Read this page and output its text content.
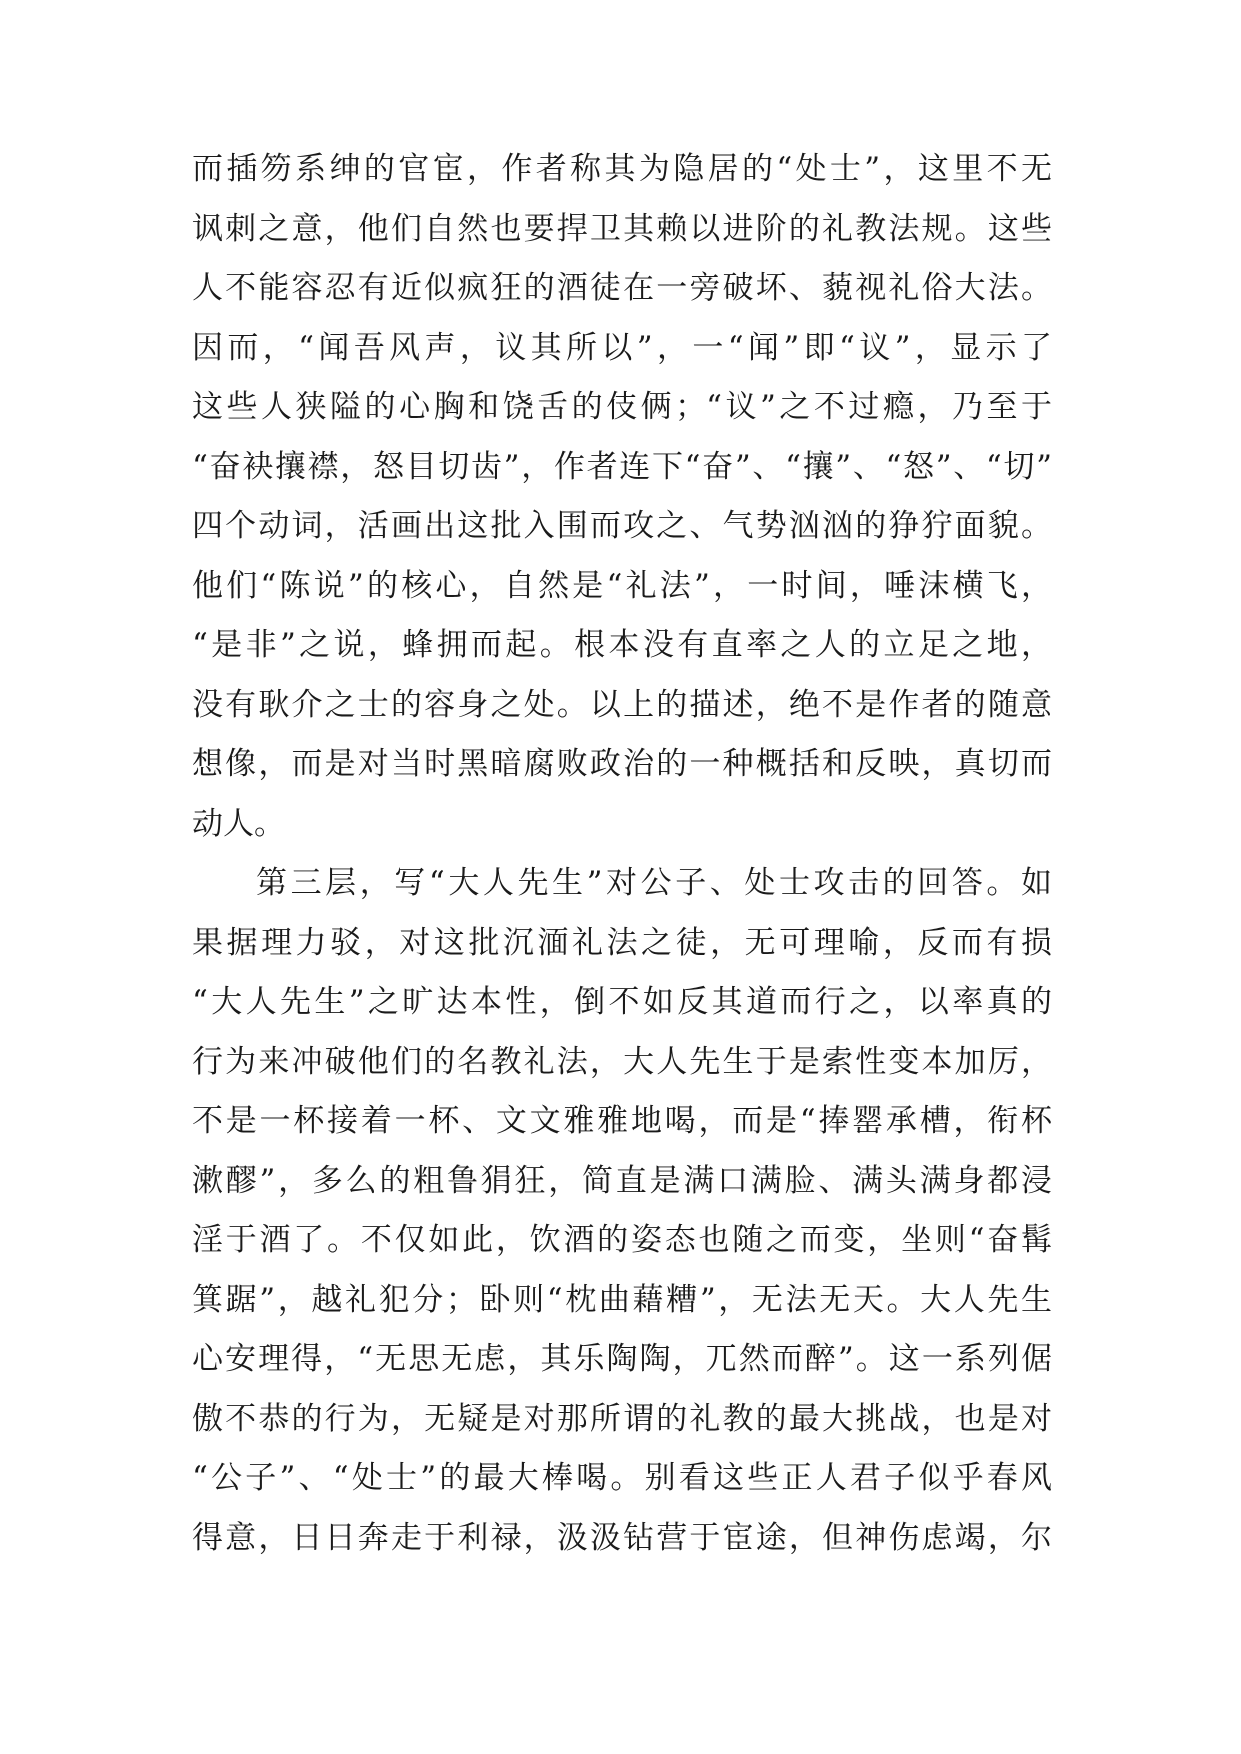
而插笏系绅的官宦，作者称其为隐居的“处士”，这里不无
讽刺之意，他们自然也要捍卫其赖以进阶的礼教法规。这些
人不能容忍有近似疯狂的酒徒在一旁破坏、藐视礼俗大法。
因而，“闻吾风声，议其所以”，一“闻”即“议”，显示了
这些人狭隘的心胸和饶舌的伎俩；“议”之不过瘾，乃至于
“奋袂攘襟，怒目切齿”，作者连下“奋”、“攘”、“怒”、“切”
四个动词，活画出这批入围而攻之、气势汹汹的狰狞面貌。
他们“陈说”的核心，自然是“礼法”，一时间，唾沫横飞，
“是非”之说，蜂拥而起。根本没有直率之人的立足之地，
没有耿介之士的容身之处。以上的描述，绝不是作者的随意
想像，而是对当时黑暗腐败政治的一种概括和反映，真切而
动人。
第三层，写“大人先生”对公子、处士攻击的回答。如
果据理力驳，对这批沉湎礼法之徒，无可理喻，反而有损
“大人先生”之旷达本性，倒不如反其道而行之，以率真的
行为来冲破他们的名教礼法，大人先生于是索性变本加厉，
不是一杯接着一杯、文文雅雅地喝，而是“捧罂承槽，衔杯
漱醪”，多么的粗鲁狷狂，简直是满口满脸、满头满身都浸
淫于酒了。不仅如此，饮酒的姿态也随之而变，坐则“奋髯
箕踞”，越礼犯分；卧则“枕曲藉糟”，无法无天。大人先生
心安理得，“无思无虑，其乐陶陶，兀然而醉”。这一系列倨
傲不恭的行为，无疑是对那所谓的礼教的最大挑战，也是对
“公子”、“处士”的最大棒喝。别看这些正人君子似乎春风
得意，日日奔走于利禄，汲汲钻营于宦途，但神伤虑竭，尔
